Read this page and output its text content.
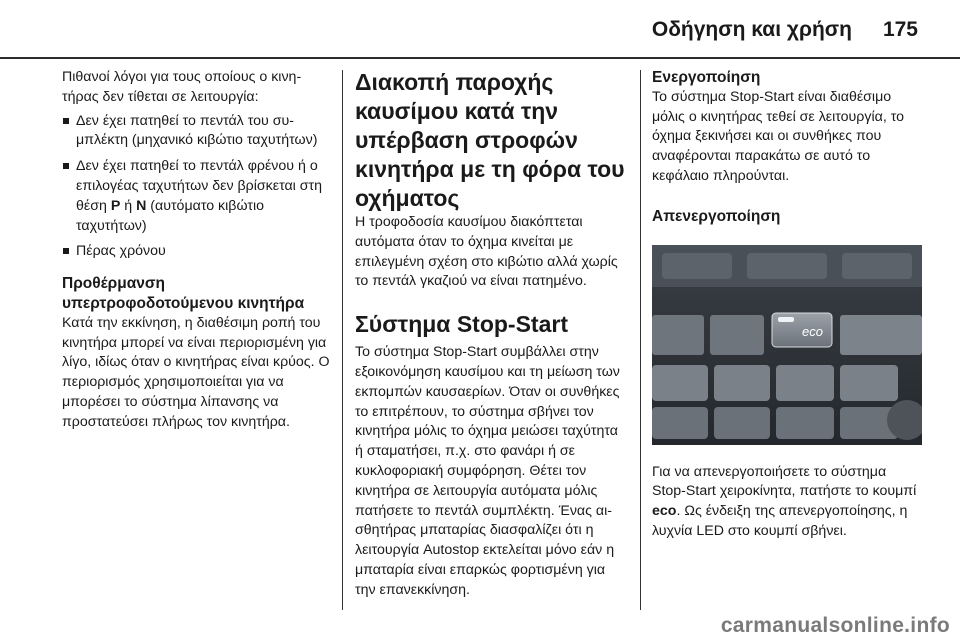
Οδήγηση και χρήση 175

Πιθανοί λόγοι για τους οποίους ο κινητήρας δεν τίθεται σε λειτουργία:

Δεν έχει πατηθεί το πεντάλ του συμπλέκτη (μηχανικό κιβώτιο ταχυτήτων)
Δεν έχει πατηθεί το πεντάλ φρένου ή ο επιλογέας ταχυτήτων δεν βρίσκεται στη θέση P ή N (αυτόματο κιβώτιο ταχυτήτων)
Πέρας χρόνου

Προθέρμανση υπερτροφοδοτούμενου κινητήρα

Κατά την εκκίνηση, η διαθέσιμη ροπή του κινητήρα μπορεί να είναι περιορισμένη για λίγο, ιδίως όταν ο κινητήρας είναι κρύος. Ο περιορισμός χρησιμοποιείται για να μπορέσει το σύστημα λίπανσης να προστατεύσει πλήρως τον κινητήρα.

Διακοπή παροχής καυσίμου κατά την υπέρβαση στροφών κινητήρα με τη φόρα του οχήματος

Η τροφοδοσία καυσίμου διακόπτεται αυτόματα όταν το όχημα κινείται με επιλεγμένη σχέση στο κιβώτιο αλλά χωρίς το πεντάλ γκαζιού να είναι πατημένο.

Σύστημα Stop-Start

Το σύστημα Stop-Start συμβάλλει στην εξοικονόμηση καυσίμου και τη μείωση των εκπομπών καυσαερίων. Όταν οι συνθήκες το επιτρέπουν, το σύστημα σβήνει τον κινητήρα μόλις το όχημα μειώσει ταχύτητα ή σταματήσει, π.χ. στο φανάρι ή σε κυκλοφοριακή συμφόρηση. Θέτει τον κινητήρα σε λειτουργία αυτόματα μόλις πατήσετε το πεντάλ συμπλέκτη. Ένας αισθητήρας μπαταρίας διασφαλίζει ότι η λειτουργία Autostop εκτελείται μόνο εάν η μπαταρία είναι επαρκώς φορτισμένη για την επανεκκίνηση.

Ενεργοποίηση

Το σύστημα Stop-Start είναι διαθέσιμο μόλις ο κινητήρας τεθεί σε λειτουργία, το όχημα ξεκινήσει και οι συνθήκες που αναφέρονται παρακάτω σε αυτό το κεφάλαιο πληρούνται.

Απενεργοποίηση

eco

Για να απενεργοποιήσετε το σύστημα Stop-Start χειροκίνητα, πατήστε το κουμπί eco. Ως ένδειξη της απενεργοποίησης, η λυχνία LED στο κουμπί σβήνει.

carmanualsonline.info
